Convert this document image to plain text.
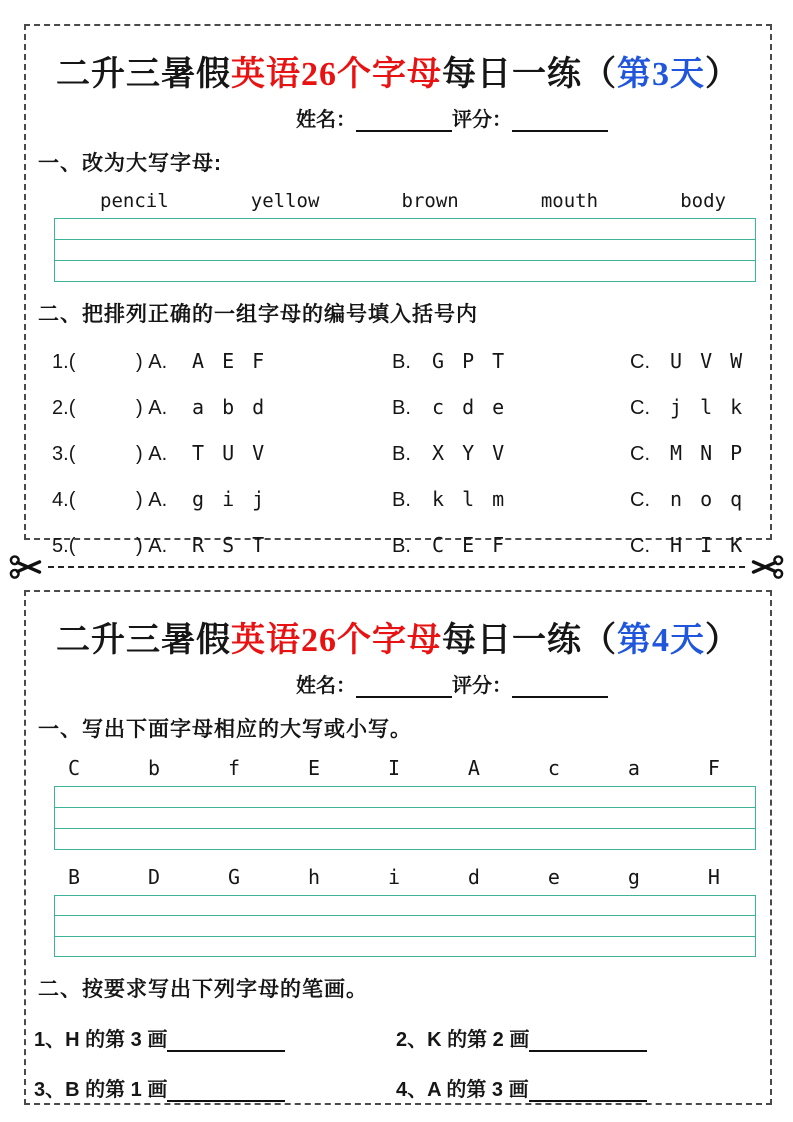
二升三暑假英语26个字母每日一练（第3天）
姓名：	评分：
一、改为大写字母:
pencil	yellow	brown	mouth	body
二、把排列正确的一组字母的编号填入括号内
1.(	) A.	A E F	B.	G P T	C.	U V W
2.(	) A.	a b d	B.	c d e	C.	j l k
3.(	) A.	T U V	B.	X Y V	C.	M N P
4.(	) A.	g i j	B.	k l m	C.	n o q
5.(	) A.	R S T	B.	C E F	C.	H I K
二升三暑假英语26个字母每日一练（第4天）
姓名：	评分：
一、写出下面字母相应的大写或小写。
C	b	f	E	I	A	c	a	F
B	D	G	h	i	d	e	g	H
二、按要求写出下列字母的笔画。
1、H 的第 3 画	2、K 的第 2 画
3、B 的第 1 画	4、A 的第 3 画
